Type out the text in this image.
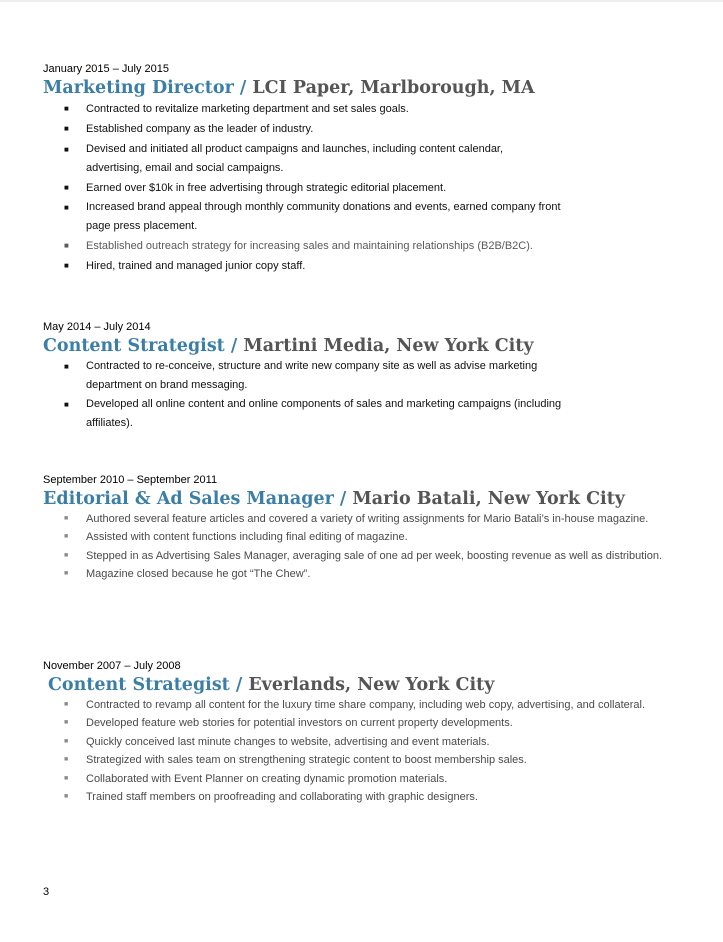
January 2015 – July 2015

Marketing Director / LCI Paper, Marlborough, MA
■ Contracted to revitalize marketing department and set sales goals.
■ Established company as the leader of industry.
■ Devised and initiated all product campaigns and launches, including content calendar, advertising, email and social campaigns.
■ Earned over $10k in free advertising through strategic editorial placement.
■ Increased brand appeal through monthly community donations and events, earned company front page press placement.
■ Established outreach strategy for increasing sales and maintaining relationships (B2B/B2C).
■ Hired, trained and managed junior copy staff.

May 2014 – July 2014

Content Strategist / Martini Media, New York City
■ Contracted to re-conceive, structure and write new company site as well as advise marketing department on brand messaging.
■ Developed all online content and online components of sales and marketing campaigns (including affiliates).

September 2010 – September 2011

Editorial & Ad Sales Manager / Mario Batali, New York City
■ Authored several feature articles and covered a variety of writing assignments for Mario Batali’s in-house magazine.
■ Assisted with content functions including final editing of magazine.
■ Stepped in as Advertising Sales Manager, averaging sale of one ad per week, boosting revenue as well as distribution.
■ Magazine closed because he got “The Chew”.

November 2007 – July 2008

Content Strategist / Everlands, New York City
■ Contracted to revamp all content for the luxury time share company, including web copy, advertising, and collateral.
■ Developed feature web stories for potential investors on current property developments.
■ Quickly conceived last minute changes to website, advertising and event materials.
■ Strategized with sales team on strengthening strategic content to boost membership sales.
■ Collaborated with Event Planner on creating dynamic promotion materials.
■ Trained staff members on proofreading and collaborating with graphic designers.
3
